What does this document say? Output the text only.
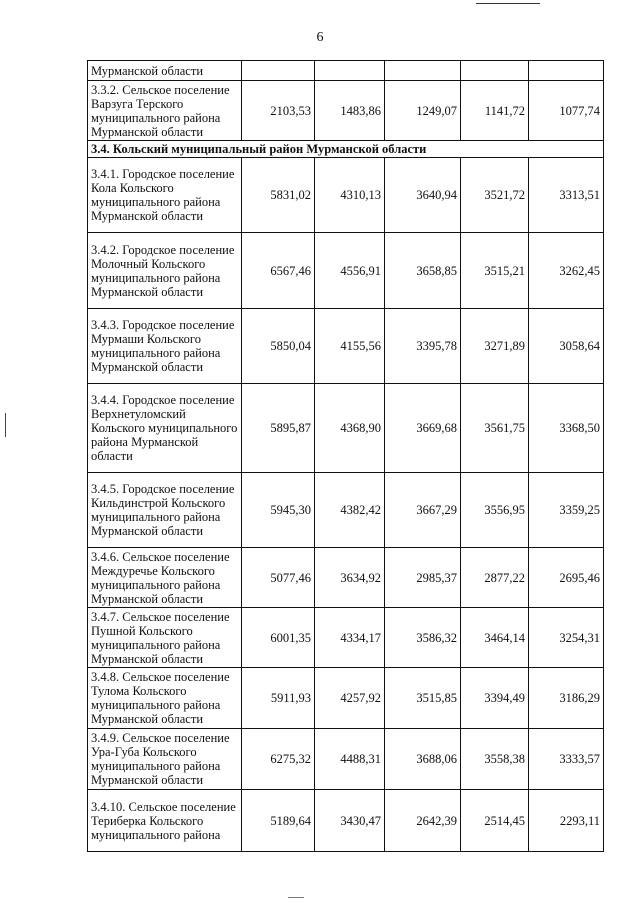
6
Мурманской области					
3.3.2. Сельское поселение Варзуга Терского муниципального района Мурманской области	2103,53	1483,86	1249,07	1141,72	1077,74
3.4. Кольский муниципальный район Мурманской области					
3.4.1. Городское поселение Кола Кольского муниципального района Мурманской области	5831,02	4310,13	3640,94	3521,72	3313,51
3.4.2. Городское поселение Молочный Кольского муниципального района Мурманской области	6567,46	4556,91	3658,85	3515,21	3262,45
3.4.3. Городское поселение Мурмаши Кольского муниципального района Мурманской области	5850,04	4155,56	3395,78	3271,89	3058,64
3.4.4. Городское поселение Верхнетуломский Кольского муниципального района Мурманской области	5895,87	4368,90	3669,68	3561,75	3368,50
3.4.5. Городское поселение Кильдинстрой Кольского муниципального района Мурманской области	5945,30	4382,42	3667,29	3556,95	3359,25
3.4.6. Сельское поселение Междуречье Кольского муниципального района Мурманской области	5077,46	3634,92	2985,37	2877,22	2695,46
3.4.7. Сельское поселение Пушной Кольского муниципального района Мурманской области	6001,35	4334,17	3586,32	3464,14	3254,31
3.4.8. Сельское поселение Тулома Кольского муниципального района Мурманской области	5911,93	4257,92	3515,85	3394,49	3186,29
3.4.9. Сельское поселение Ура-Губа Кольского муниципального района Мурманской области	6275,32	4488,31	3688,06	3558,38	3333,57
3.4.10. Сельское поселение Териберка Кольского муниципального района	5189,64	3430,47	2642,39	2514,45	2293,11
